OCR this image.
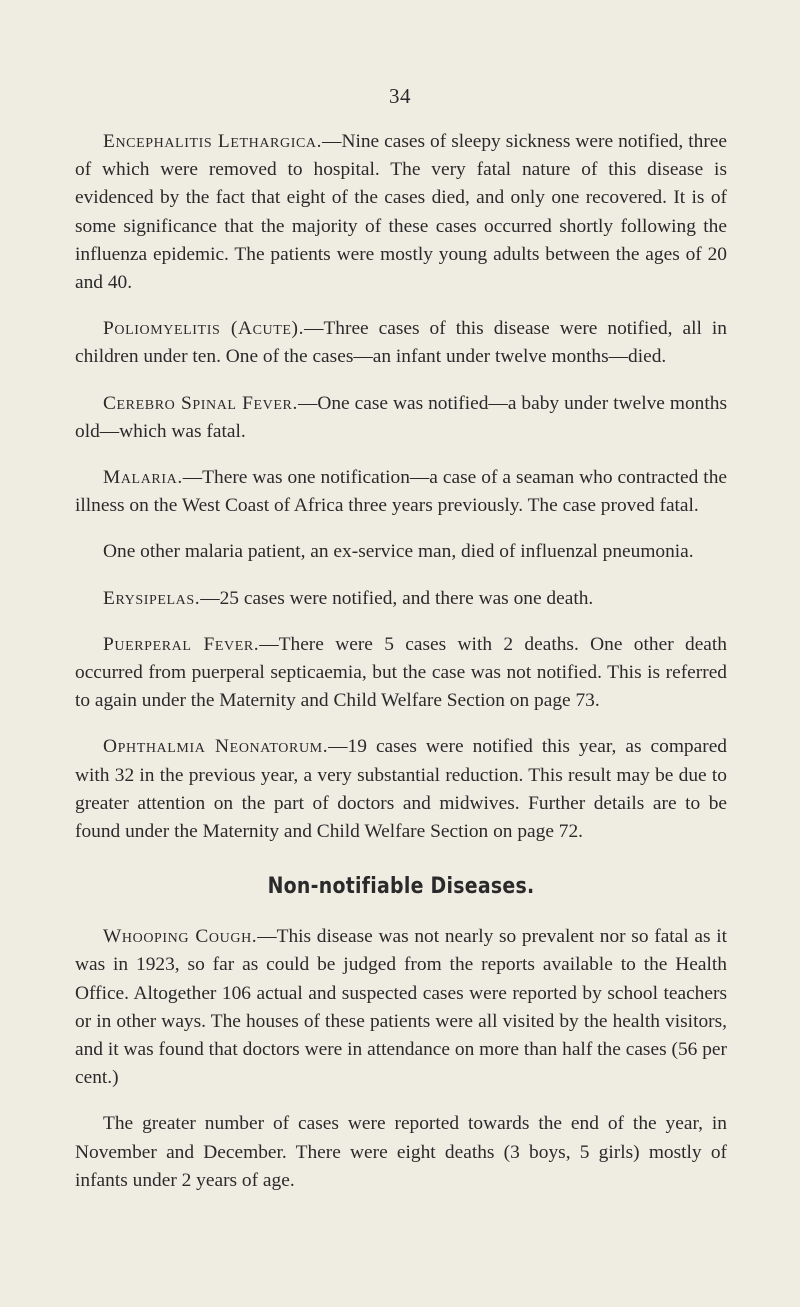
34

Encephalitis Lethargica.—Nine cases of sleepy sickness were notified, three of which were removed to hospital. The very fatal nature of this disease is evidenced by the fact that eight of the cases died, and only one recovered. It is of some significance that the majority of these cases occurred shortly following the influenza epidemic. The patients were mostly young adults between the ages of 20 and 40.

Poliomyelitis (Acute).—Three cases of this disease were notified, all in children under ten. One of the cases—an infant under twelve months—died.

Cerebro Spinal Fever.—One case was notified—a baby under twelve months old—which was fatal.

Malaria.—There was one notification—a case of a seaman who contracted the illness on the West Coast of Africa three years previously. The case proved fatal.

One other malaria patient, an ex-service man, died of influenzal pneumonia.

Erysipelas.—25 cases were notified, and there was one death.

Puerperal Fever.—There were 5 cases with 2 deaths. One other death occurred from puerperal septicaemia, but the case was not notified. This is referred to again under the Maternity and Child Welfare Section on page 73.

Ophthalmia Neonatorum.—19 cases were notified this year, as compared with 32 in the previous year, a very substantial reduction. This result may be due to greater attention on the part of doctors and midwives. Further details are to be found under the Maternity and Child Welfare Section on page 72.

Non-notifiable Diseases.

Whooping Cough.—This disease was not nearly so prevalent nor so fatal as it was in 1923, so far as could be judged from the reports available to the Health Office. Altogether 106 actual and suspected cases were reported by school teachers or in other ways. The houses of these patients were all visited by the health visitors, and it was found that doctors were in attendance on more than half the cases (56 per cent.)

The greater number of cases were reported towards the end of the year, in November and December. There were eight deaths (3 boys, 5 girls) mostly of infants under 2 years of age.
